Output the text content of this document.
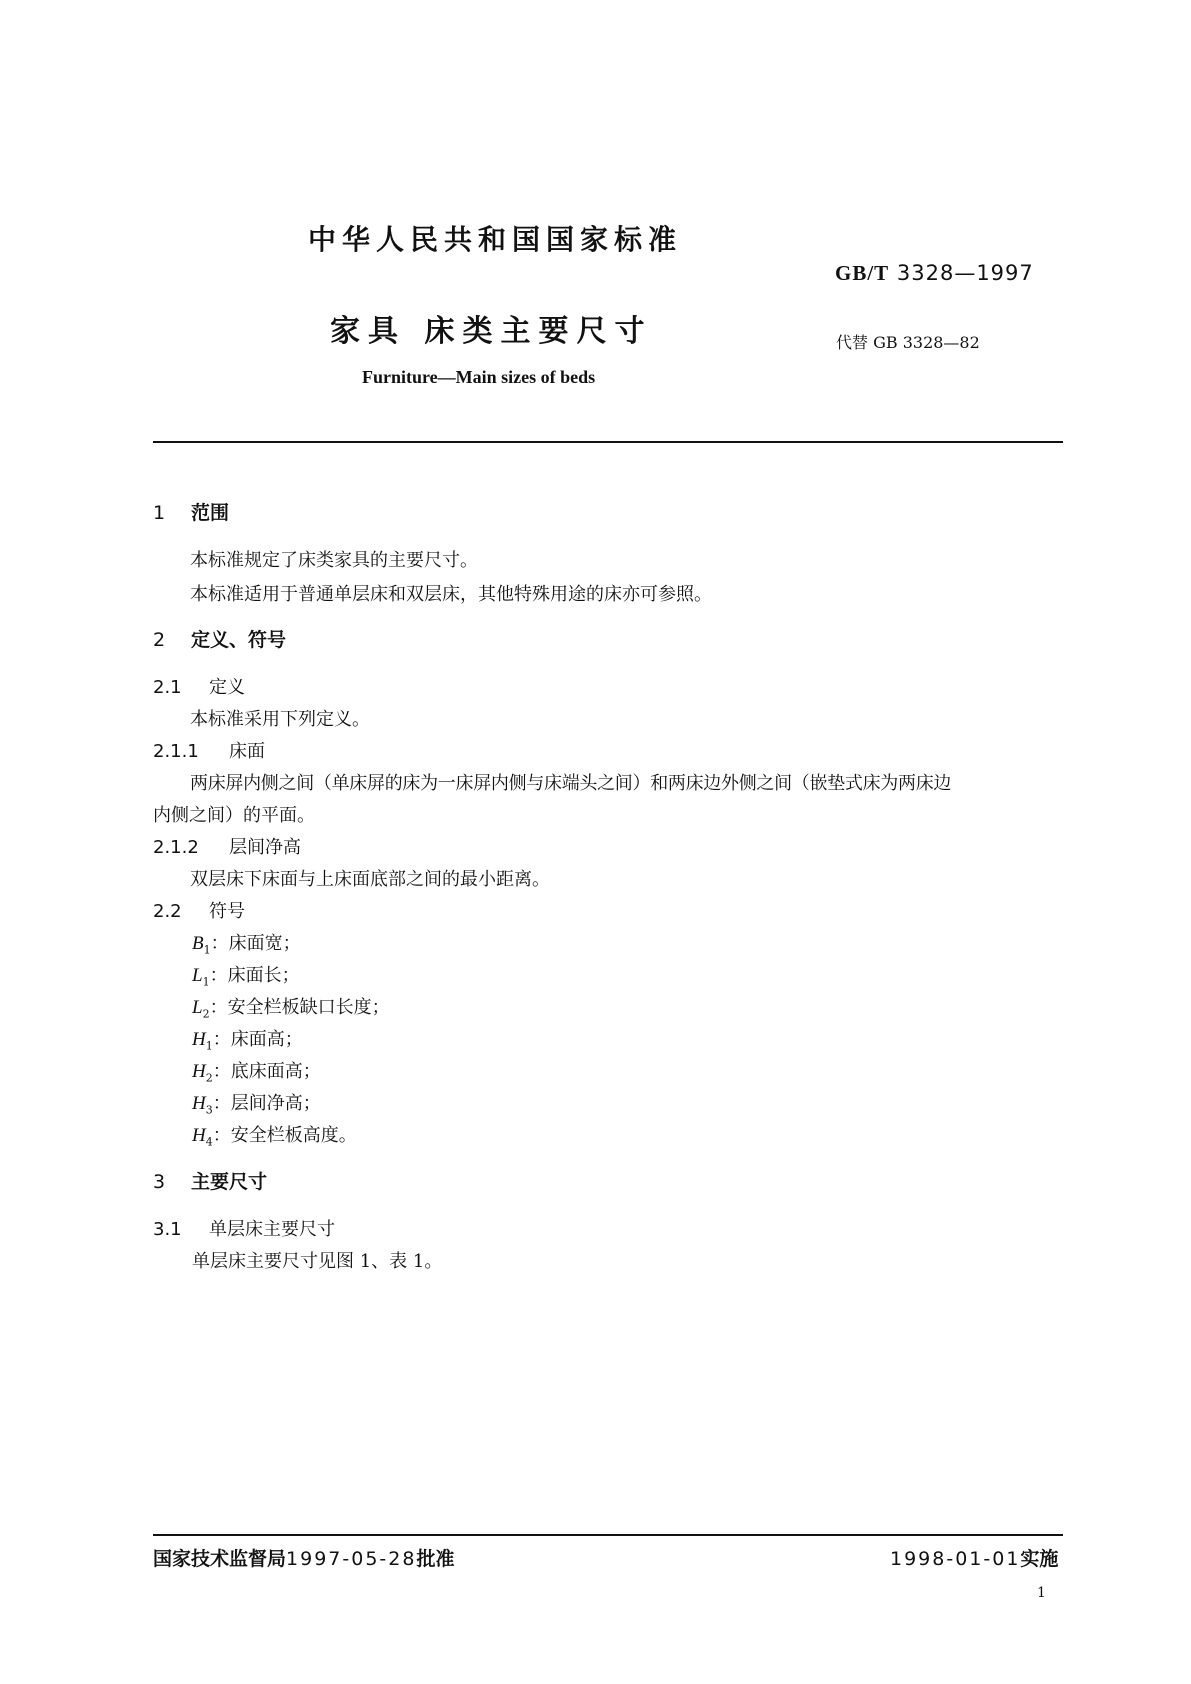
中华人民共和国国家标准
GB/T 3328—1997
家具 床类主要尺寸	代替 GB 3328—82
Furniture—Main sizes of beds
1 范围
本标准规定了床类家具的主要尺寸。
本标准适用于普通单层床和双层床，其他特殊用途的床亦可参照。
2 定义、符号
2.1 定义
本标准采用下列定义。
2.1.1 床面
两床屏内侧之间（单床屏的床为一床屏内侧与床端头之间）和两床边外侧之间（嵌垫式床为两床边
内侧之间）的平面。
2.1.2 层间净高
双层床下床面与上床面底部之间的最小距离。
2.2 符号
$B_1$：床面宽；
$L_1$：床面长；
$L_2$：安全栏板缺口长度；
$H_1$：床面高；
$H_2$：底床面高；
$H_3$：层间净高；
$H_4$：安全栏板高度。
3 主要尺寸
3.1 单层床主要尺寸
单层床主要尺寸见图 1、表 1。
国家技术监督局1997-05-28批准	1998-01-01实施
1
